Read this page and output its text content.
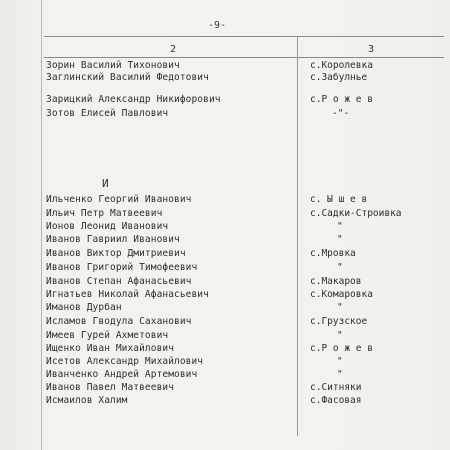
-9-
2	3
Зорин Василий Тихонович	с.Королевка
Заглинский Василий Федотович	с.Забулнье
Зарицкий Александр Никифорович	с.Р о ж е в
Зотов Елисей Павлович	-"-
И
Ильченко Георгий Иванович	с. Ы ш е в
Ильич Петр Матвеевич	с.Садки-Строивка
Ионов Леонид Иванович	"
Иванов Гавриил Иванович	"
Иванов Виктор Дмитриевич	с.Мровка
Иванов Григорий Тимофеевич	"
Иванов Степан Афанасьевич	с.Макаров
Игнатьев Николай Афанасьевич	с.Комаровка
Иманов Дурбан	"
Исламов Гводула Саханович	с.Грузское
Имеев Гурей Ахметович	"
Ищенко Иван Михайлович	с.Р о ж е в
Исетов Александр Михайлович	"
Иванченко Андрей Артемович	"
Иванов Павел Матвеевич	с.Ситняки
Исмаилов Халим	с.Фасовая
